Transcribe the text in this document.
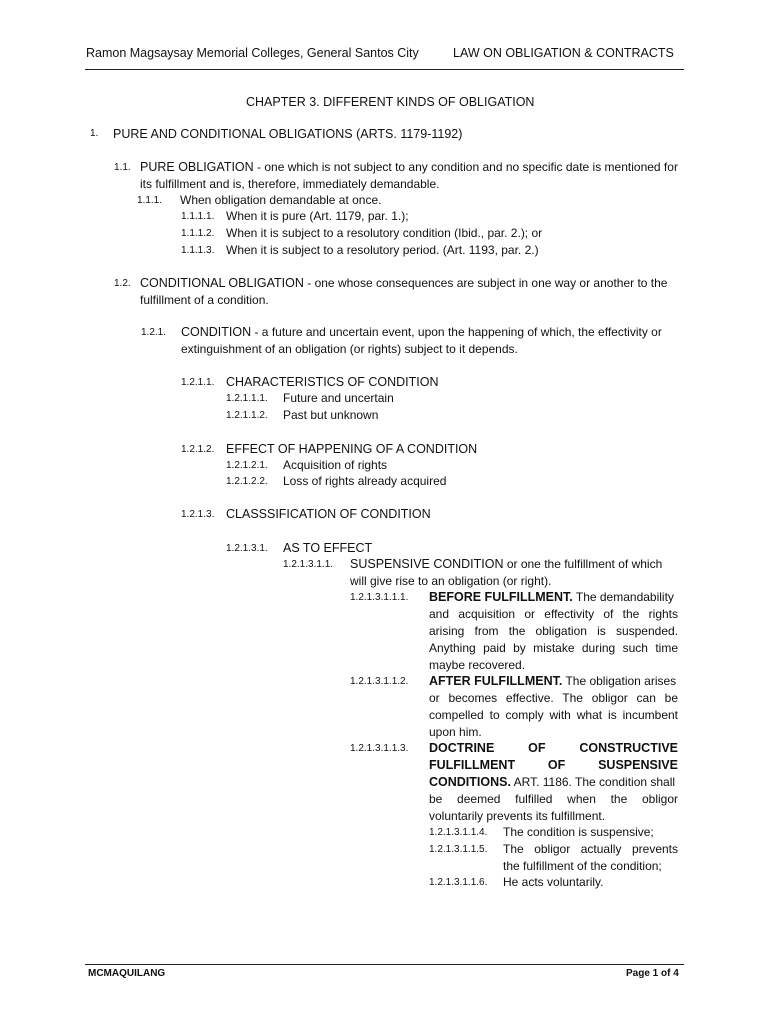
Ramon Magsaysay Memorial Colleges, General Santos City	LAW ON OBLIGATION & CONTRACTS
CHAPTER 3. DIFFERENT KINDS OF OBLIGATION
1. PURE AND CONDITIONAL OBLIGATIONS (ARTS. 1179-1192)
1.1. PURE OBLIGATION - one which is not subject to any condition and no specific date is mentioned for
its fulfillment and is, therefore, immediately demandable.
1.1.1. When obligation demandable at once.
1.1.1.1. When it is pure (Art. 1179, par. 1.);
1.1.1.2. When it is subject to a resolutory condition (Ibid., par. 2.); or
1.1.1.3. When it is subject to a resolutory period. (Art. 1193, par. 2.)
1.2. CONDITIONAL OBLIGATION - one whose consequences are subject in one way or another to the
fulfillment of a condition.
1.2.1. CONDITION - a future and uncertain event, upon the happening of which, the effectivity or
extinguishment of an obligation (or rights) subject to it depends.
1.2.1.1. CHARACTERISTICS OF CONDITION
1.2.1.1.1. Future and uncertain
1.2.1.1.2. Past but unknown
1.2.1.2. EFFECT OF HAPPENING OF A CONDITION
1.2.1.2.1. Acquisition of rights
1.2.1.2.2. Loss of rights already acquired
1.2.1.3. CLASSSIFICATION OF CONDITION
1.2.1.3.1. AS TO EFFECT
1.2.1.3.1.1. SUSPENSIVE CONDITION or one the fulfillment of which
will give rise to an obligation (or right).
1.2.1.3.1.1.1. BEFORE FULFILLMENT. The demandability
and acquisition or effectivity of the rights
arising from the obligation is suspended.
Anything paid by mistake during such time
maybe recovered.
1.2.1.3.1.1.2. AFTER FULFILLMENT. The obligation arises
or becomes effective. The obligor can be
compelled to comply with what is incumbent
upon him.
1.2.1.3.1.1.3. DOCTRINE OF CONSTRUCTIVE
FULFILLMENT OF SUSPENSIVE
CONDITIONS. ART. 1186. The condition shall
be deemed fulfilled when the obligor
voluntarily prevents its fulfillment.
1.2.1.3.1.1.4. The condition is suspensive;
1.2.1.3.1.1.5. The obligor actually prevents
the fulfillment of the condition;
1.2.1.3.1.1.6. He acts voluntarily.
MCMAQUILANG	Page 1 of 4
